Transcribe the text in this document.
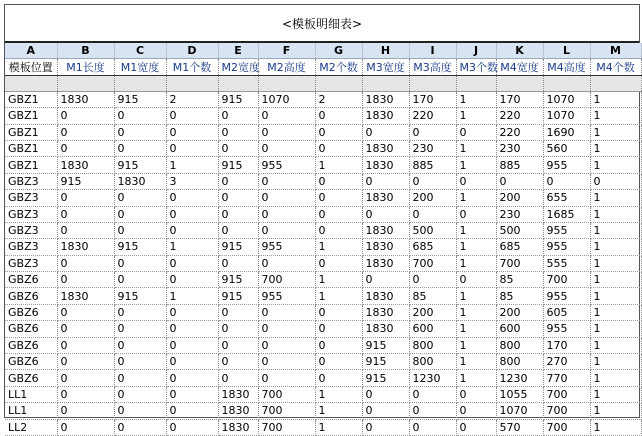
<模板明细表>
A	B	C	D	E	F	G	H	I	J	K	L	M
模板位置	M1长度	M1宽度	M1个数	M2宽度	M2高度	M2个数	M3宽度	M3高度	M3个数	M4宽度	M4高度	M4个数

GBZ1	1830	915	2	915	1070	2	1830	170	1	170	1070	1
GBZ1	0	0	0	0	0	0	1830	220	1	220	1070	1
GBZ1	0	0	0	0	0	0	0	0	0	220	1690	1
GBZ1	0	0	0	0	0	0	1830	230	1	230	560	1
GBZ1	1830	915	1	915	955	1	1830	885	1	885	955	1
GBZ3	915	1830	3	0	0	0	0	0	0	0	0	0
GBZ3	0	0	0	0	0	0	1830	200	1	200	655	1
GBZ3	0	0	0	0	0	0	0	0	0	230	1685	1
GBZ3	0	0	0	0	0	0	1830	500	1	500	955	1
GBZ3	1830	915	1	915	955	1	1830	685	1	685	955	1
GBZ3	0	0	0	0	0	0	1830	700	1	700	555	1
GBZ6	0	0	0	915	700	1	0	0	0	85	700	1
GBZ6	1830	915	1	915	955	1	1830	85	1	85	955	1
GBZ6	0	0	0	0	0	0	1830	200	1	200	605	1
GBZ6	0	0	0	0	0	0	1830	600	1	600	955	1
GBZ6	0	0	0	0	0	0	915	800	1	800	170	1
GBZ6	0	0	0	0	0	0	915	800	1	800	270	1
GBZ6	0	0	0	0	0	0	915	1230	1	1230	770	1
LL1	0	0	0	1830	700	1	0	0	0	1055	700	1
LL1	0	0	0	1830	700	1	0	0	0	1070	700	1
LL2	0	0	0	1830	700	1	0	0	0	570	700	1
